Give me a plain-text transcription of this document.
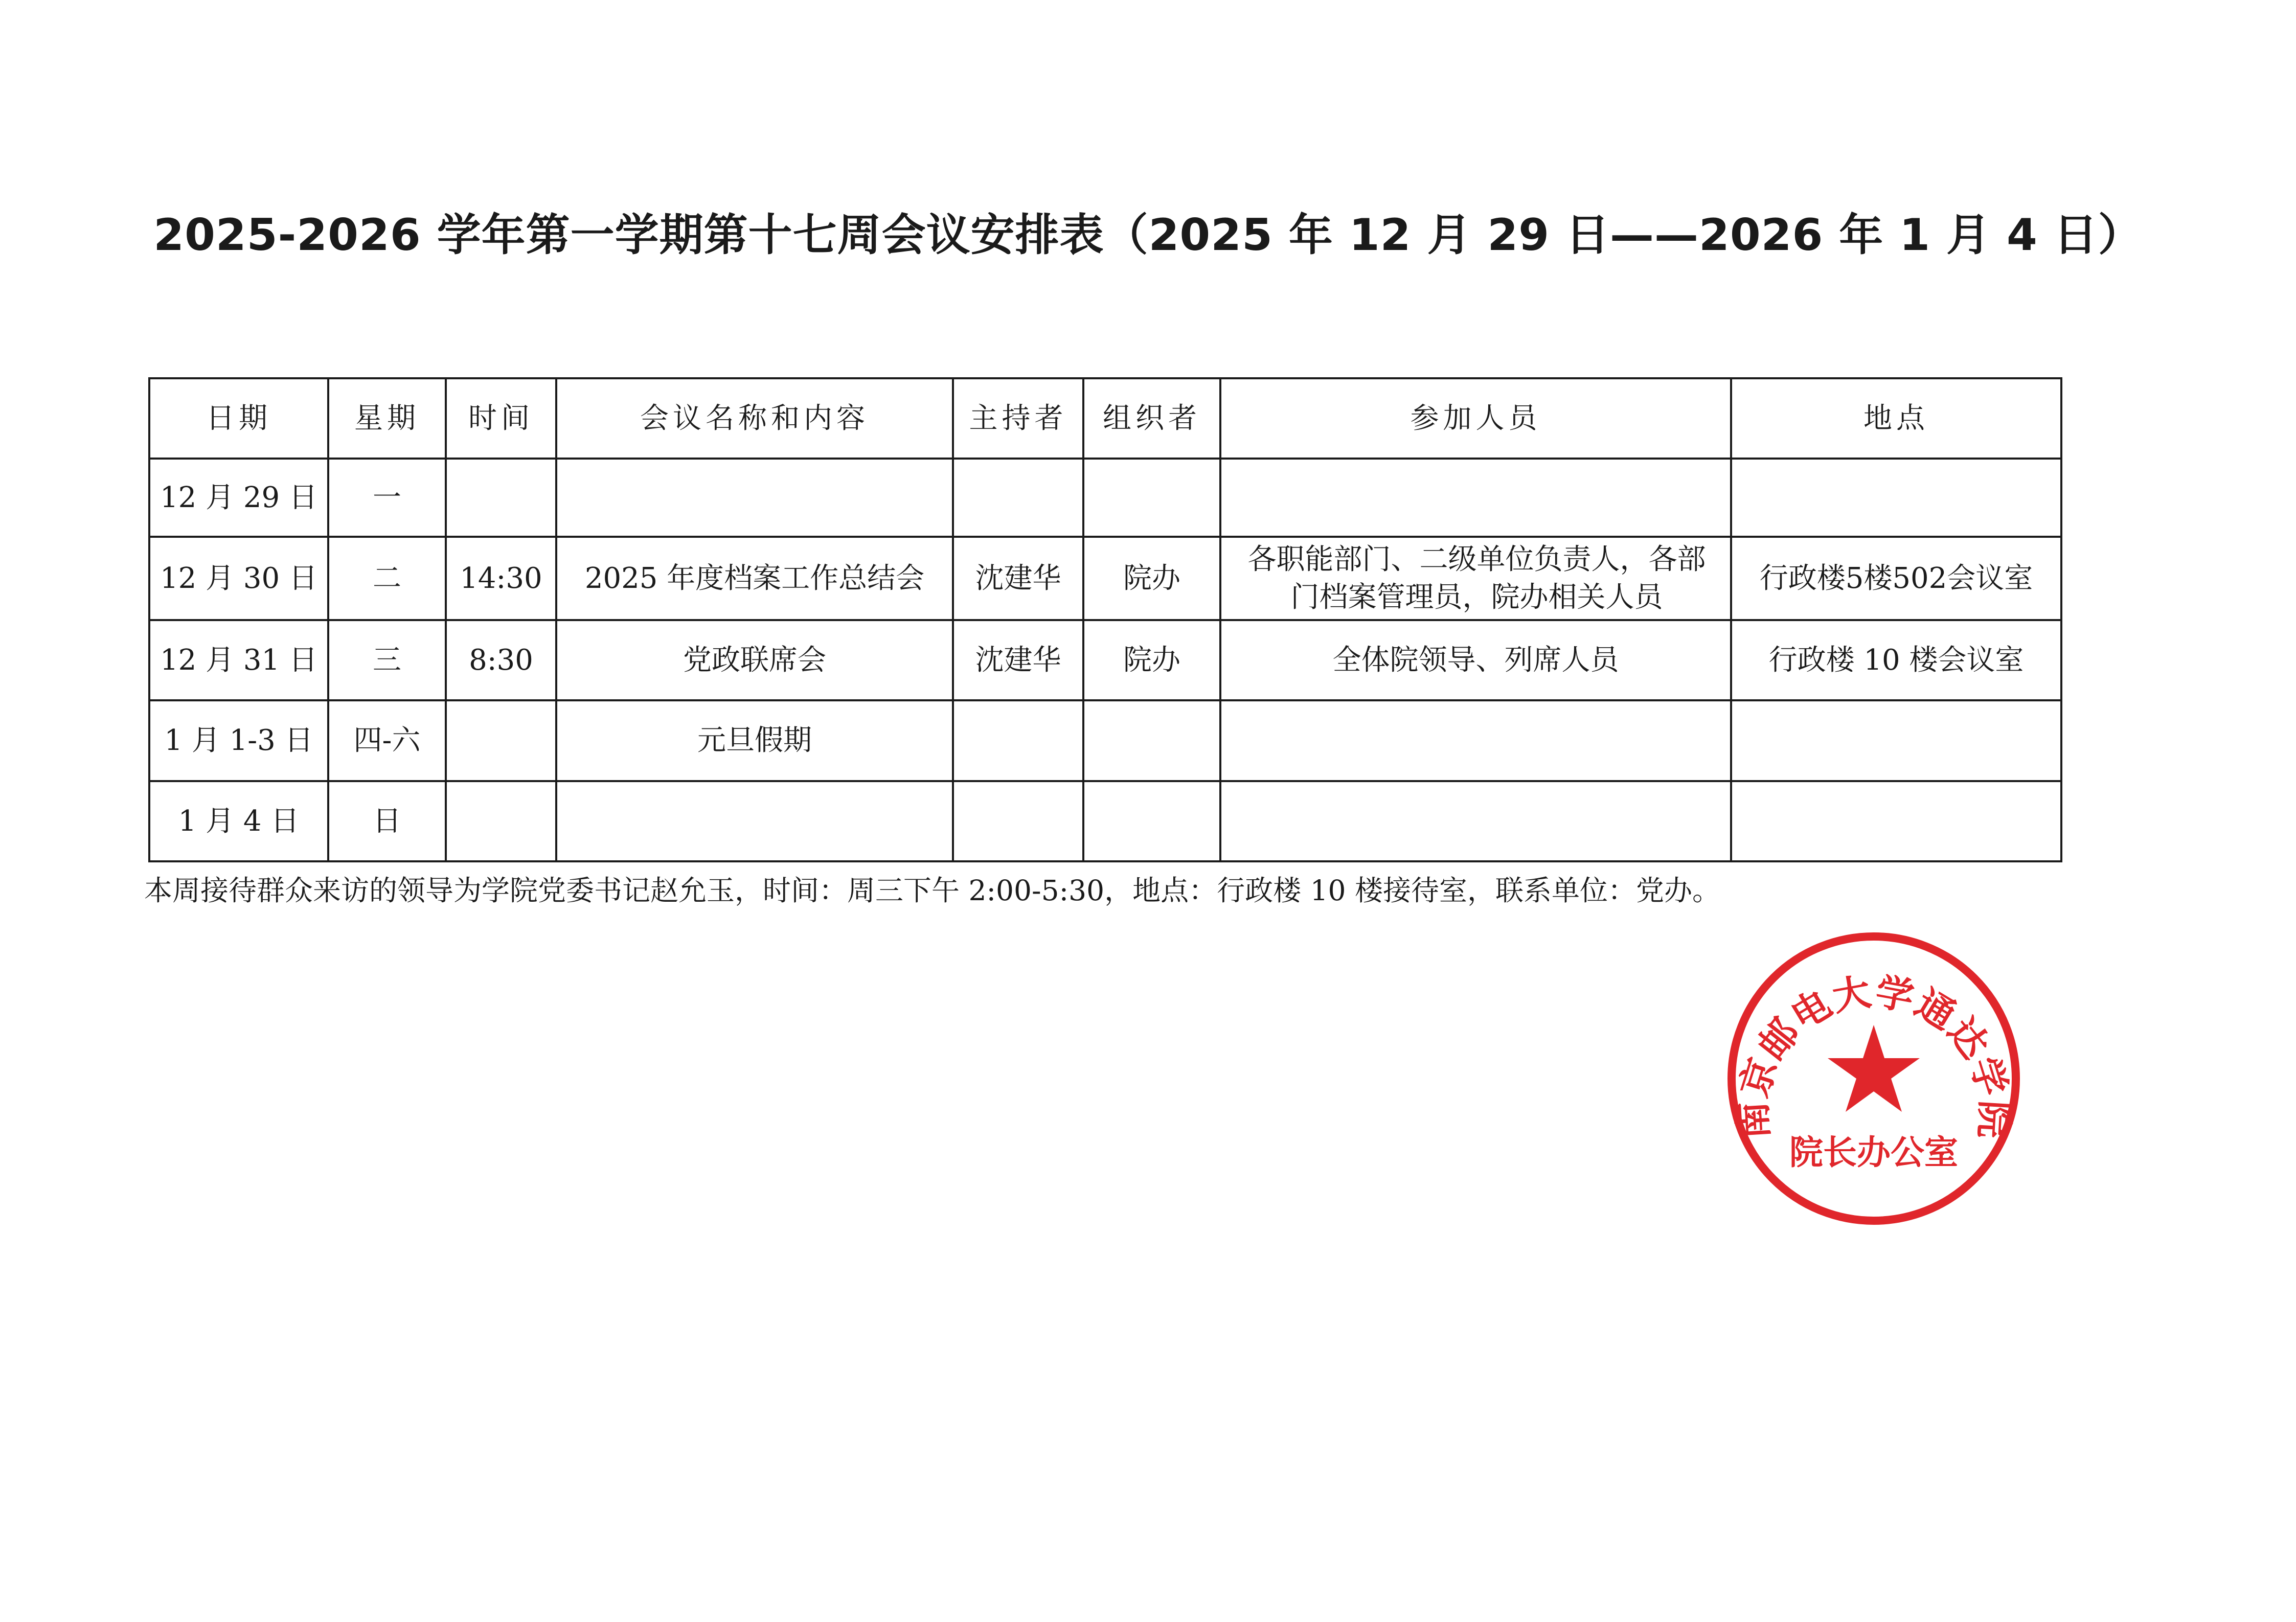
2025-2026 学年第一学期第十七周会议安排表（2025 年 12 月 29 日——2026 年 1 月 4 日）
日期	星期	时间	会议名称和内容	主持者	组织者	参加人员	地点
12 月 29 日	一						
12 月 30 日	二	14:30	2025 年度档案工作总结会	沈建华	院办	各职能部门、二级单位负责人，各部门档案管理员，院办相关人员	行政楼5楼502会议室
12 月 31 日	三	8:30	党政联席会	沈建华	院办	全体院领导、列席人员	行政楼 10 楼会议室
1 月 1-3 日	四-六		元旦假期				
1 月 4 日	日						
本周接待群众来访的领导为学院党委书记赵允玉，时间：周三下午 2:00-5:30，地点：行政楼 10 楼接待室，联系单位：党办。
南京邮电大学通达学院
院长办公室
